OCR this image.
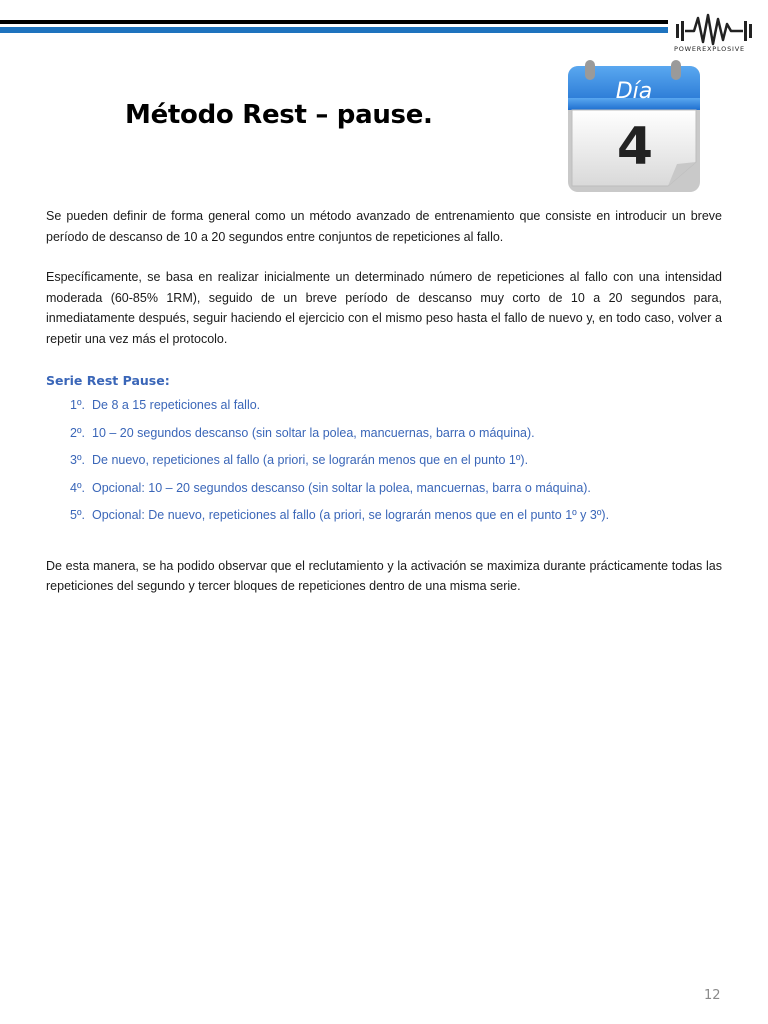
POWEREXPLOSIVE
Método Rest – pause.
Día
4

Se pueden definir de forma general como un método avanzado de entrenamiento que consiste en introducir un breve período de descanso de 10 a 20 segundos entre conjuntos de repeticiones al fallo.

Específicamente, se basa en realizar inicialmente un determinado número de repeticiones al fallo con una intensidad moderada (60-85% 1RM), seguido de un breve período de descanso muy corto de 10 a 20 segundos para, inmediatamente después, seguir haciendo el ejercicio con el mismo peso hasta el fallo de nuevo y, en todo caso, volver a repetir una vez más el protocolo.

Serie Rest Pause:
1º. De 8 a 15 repeticiones al fallo.
2º. 10 – 20 segundos descanso (sin soltar la polea, mancuernas, barra o máquina).
3º. De nuevo, repeticiones al fallo (a priori, se lograrán menos que en el punto 1º).
4º. Opcional: 10 – 20 segundos descanso (sin soltar la polea, mancuernas, barra o máquina).
5º. Opcional: De nuevo, repeticiones al fallo (a priori, se lograrán menos que en el punto 1º y 3º).

De esta manera, se ha podido observar que el reclutamiento y la activación se maximiza durante prácticamente todas las repeticiones del segundo y tercer bloques de repeticiones dentro de una misma serie.

12
